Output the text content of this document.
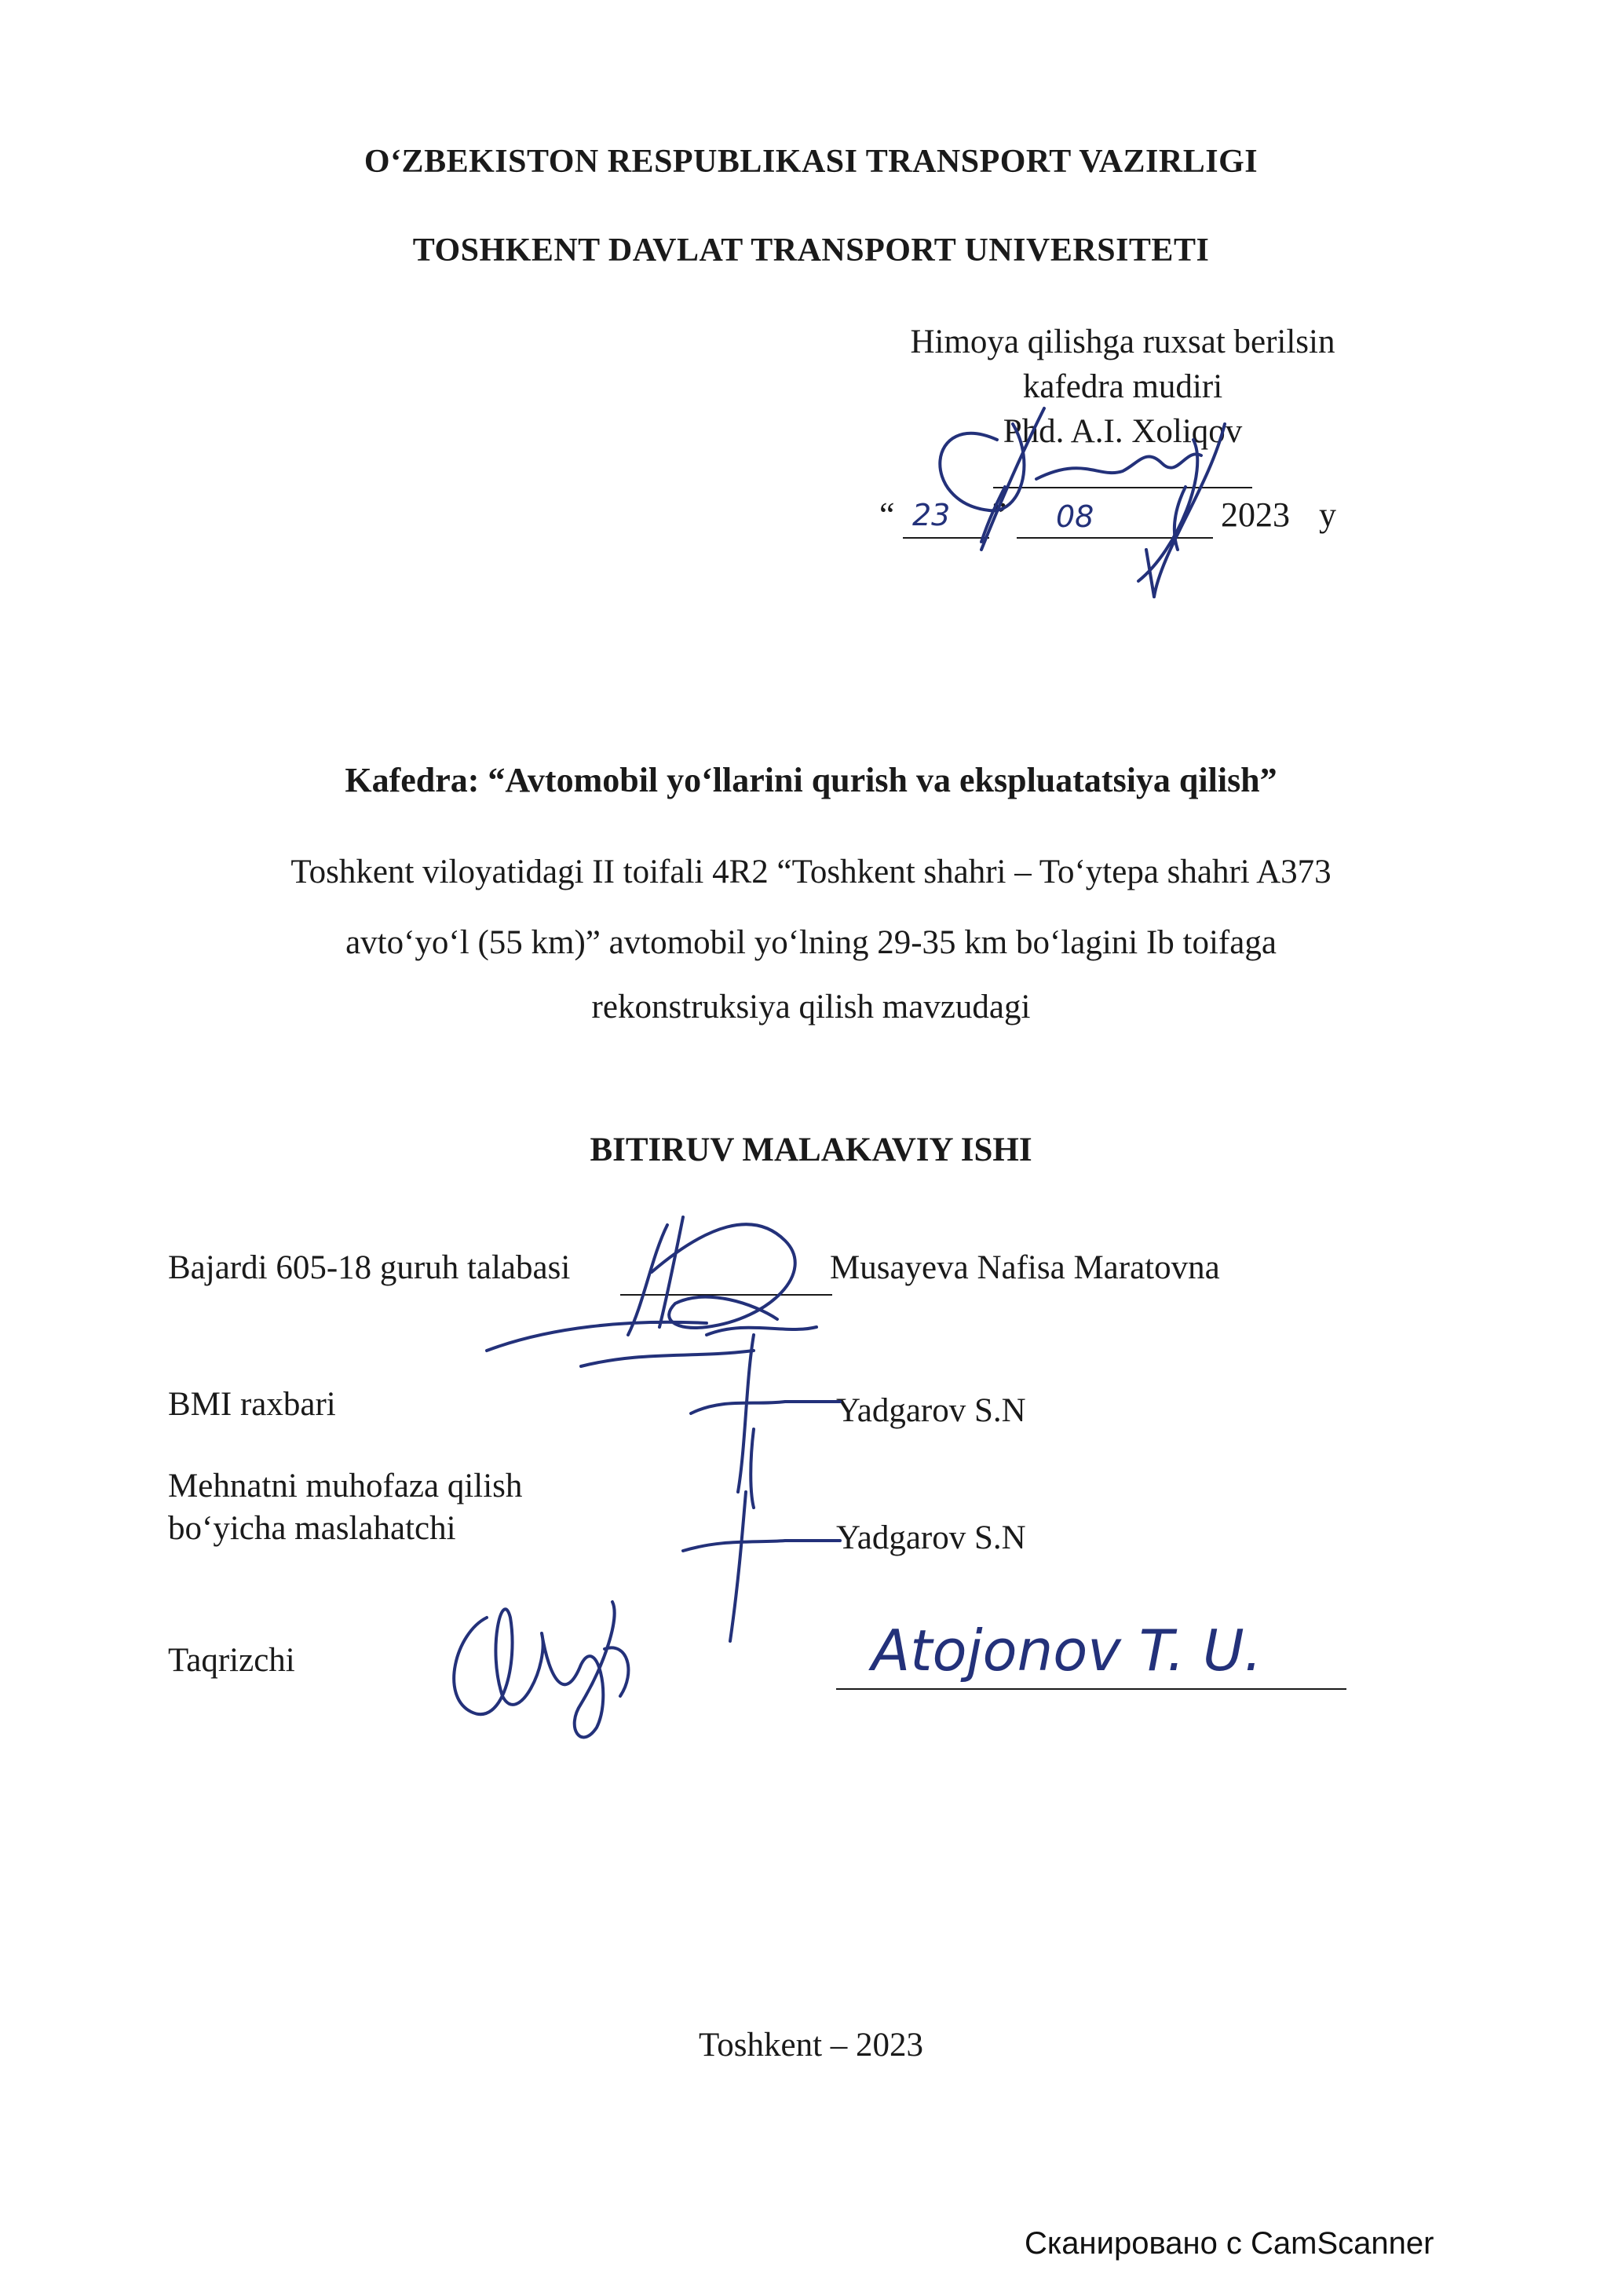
O‘ZBEKISTON RESPUBLIKASI TRANSPORT VAZIRLIGI
TOSHKENT DAVLAT TRANSPORT UNIVERSITETI
Himoya qilishga ruxsat berilsin
kafedra mudiri
Phd. A.I. Xoliqov
“ 23 ” 08	2023 y
Kafedra: “Avtomobil yo‘llarini qurish va ekspluatatsiya qilish”
Toshkent viloyatidagi II toifali 4R2 “Toshkent shahri – To‘ytepa shahri A373
avto‘yo‘l (55 km)” avtomobil yo‘lning 29-35 km bo‘lagini Ib toifaga
rekonstruksiya qilish mavzudagi
BITIRUV MALAKAVIY ISHI
Bajardi 605-18 guruh talabasi	Musayeva Nafisa Maratovna
BMI raxbari	Yadgarov S.N
Mehnatni muhofaza qilish
bo‘yicha maslahatchi	Yadgarov S.N
Taqrizchi	Atojonov T. U.
Toshkent – 2023
Сканировано с CamScanner
